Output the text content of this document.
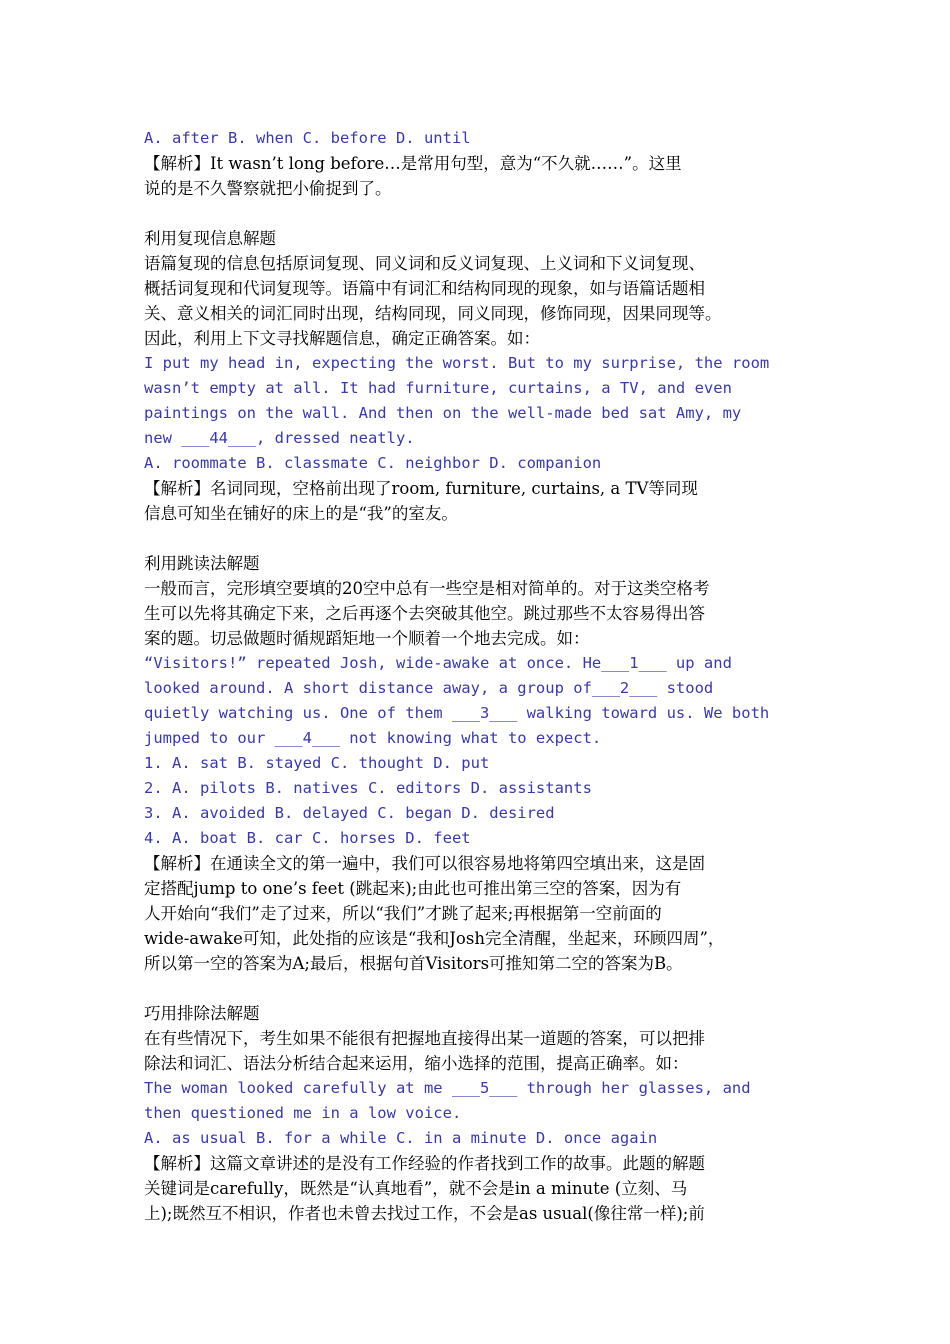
A. after B. when C. before D. until
【解析】It wasn’t long before…是常用句型，意为“不久就……”。这里
说的是不久警察就把小偷捉到了。
利用复现信息解题
语篇复现的信息包括原词复现、同义词和反义词复现、上义词和下义词复现、
概括词复现和代词复现等。语篇中有词汇和结构同现的现象，如与语篇话题相
关、意义相关的词汇同时出现，结构同现，同义同现，修饰同现，因果同现等。
因此，利用上下文寻找解题信息，确定正确答案。如：
I put my head in, expecting the worst. But to my surprise, the room
wasn’t empty at all. It had furniture, curtains, a TV, and even
paintings on the wall. And then on the well-made bed sat Amy, my
new ___44___, dressed neatly.
A. roommate B. classmate C. neighbor D. companion
【解析】名词同现，空格前出现了room, furniture, curtains, a TV等同现
信息可知坐在铺好的床上的是“我”的室友。
利用跳读法解题
一般而言，完形填空要填的20空中总有一些空是相对简单的。对于这类空格考
生可以先将其确定下来，之后再逐个去突破其他空。跳过那些不太容易得出答
案的题。切忌做题时循规蹈矩地一个顺着一个地去完成。如：
“Visitors!” repeated Josh, wide-awake at once. He___1___ up and
looked around. A short distance away, a group of___2___ stood
quietly watching us. One of them ___3___ walking toward us. We both
jumped to our ___4___ not knowing what to expect.
1. A. sat B. stayed C. thought D. put
2. A. pilots B. natives C. editors D. assistants
3. A. avoided B. delayed C. began D. desired
4. A. boat B. car C. horses D. feet
【解析】在通读全文的第一遍中，我们可以很容易地将第四空填出来，这是固
定搭配jump to one’s feet (跳起来);由此也可推出第三空的答案，因为有
人开始向“我们”走了过来，所以“我们”才跳了起来;再根据第一空前面的
wide-awake可知，此处指的应该是“我和Josh完全清醒，坐起来，环顾四周”，
所以第一空的答案为A;最后，根据句首Visitors可推知第二空的答案为B。
巧用排除法解题
在有些情况下，考生如果不能很有把握地直接得出某一道题的答案，可以把排
除法和词汇、语法分析结合起来运用，缩小选择的范围，提高正确率。如：
The woman looked carefully at me ___5___ through her glasses, and
then questioned me in a low voice.
A. as usual B. for a while C. in a minute D. once again
【解析】这篇文章讲述的是没有工作经验的作者找到工作的故事。此题的解题
关键词是carefully，既然是“认真地看”，就不会是in a minute (立刻、马
上);既然互不相识，作者也未曾去找过工作，不会是as usual(像往常一样);前
